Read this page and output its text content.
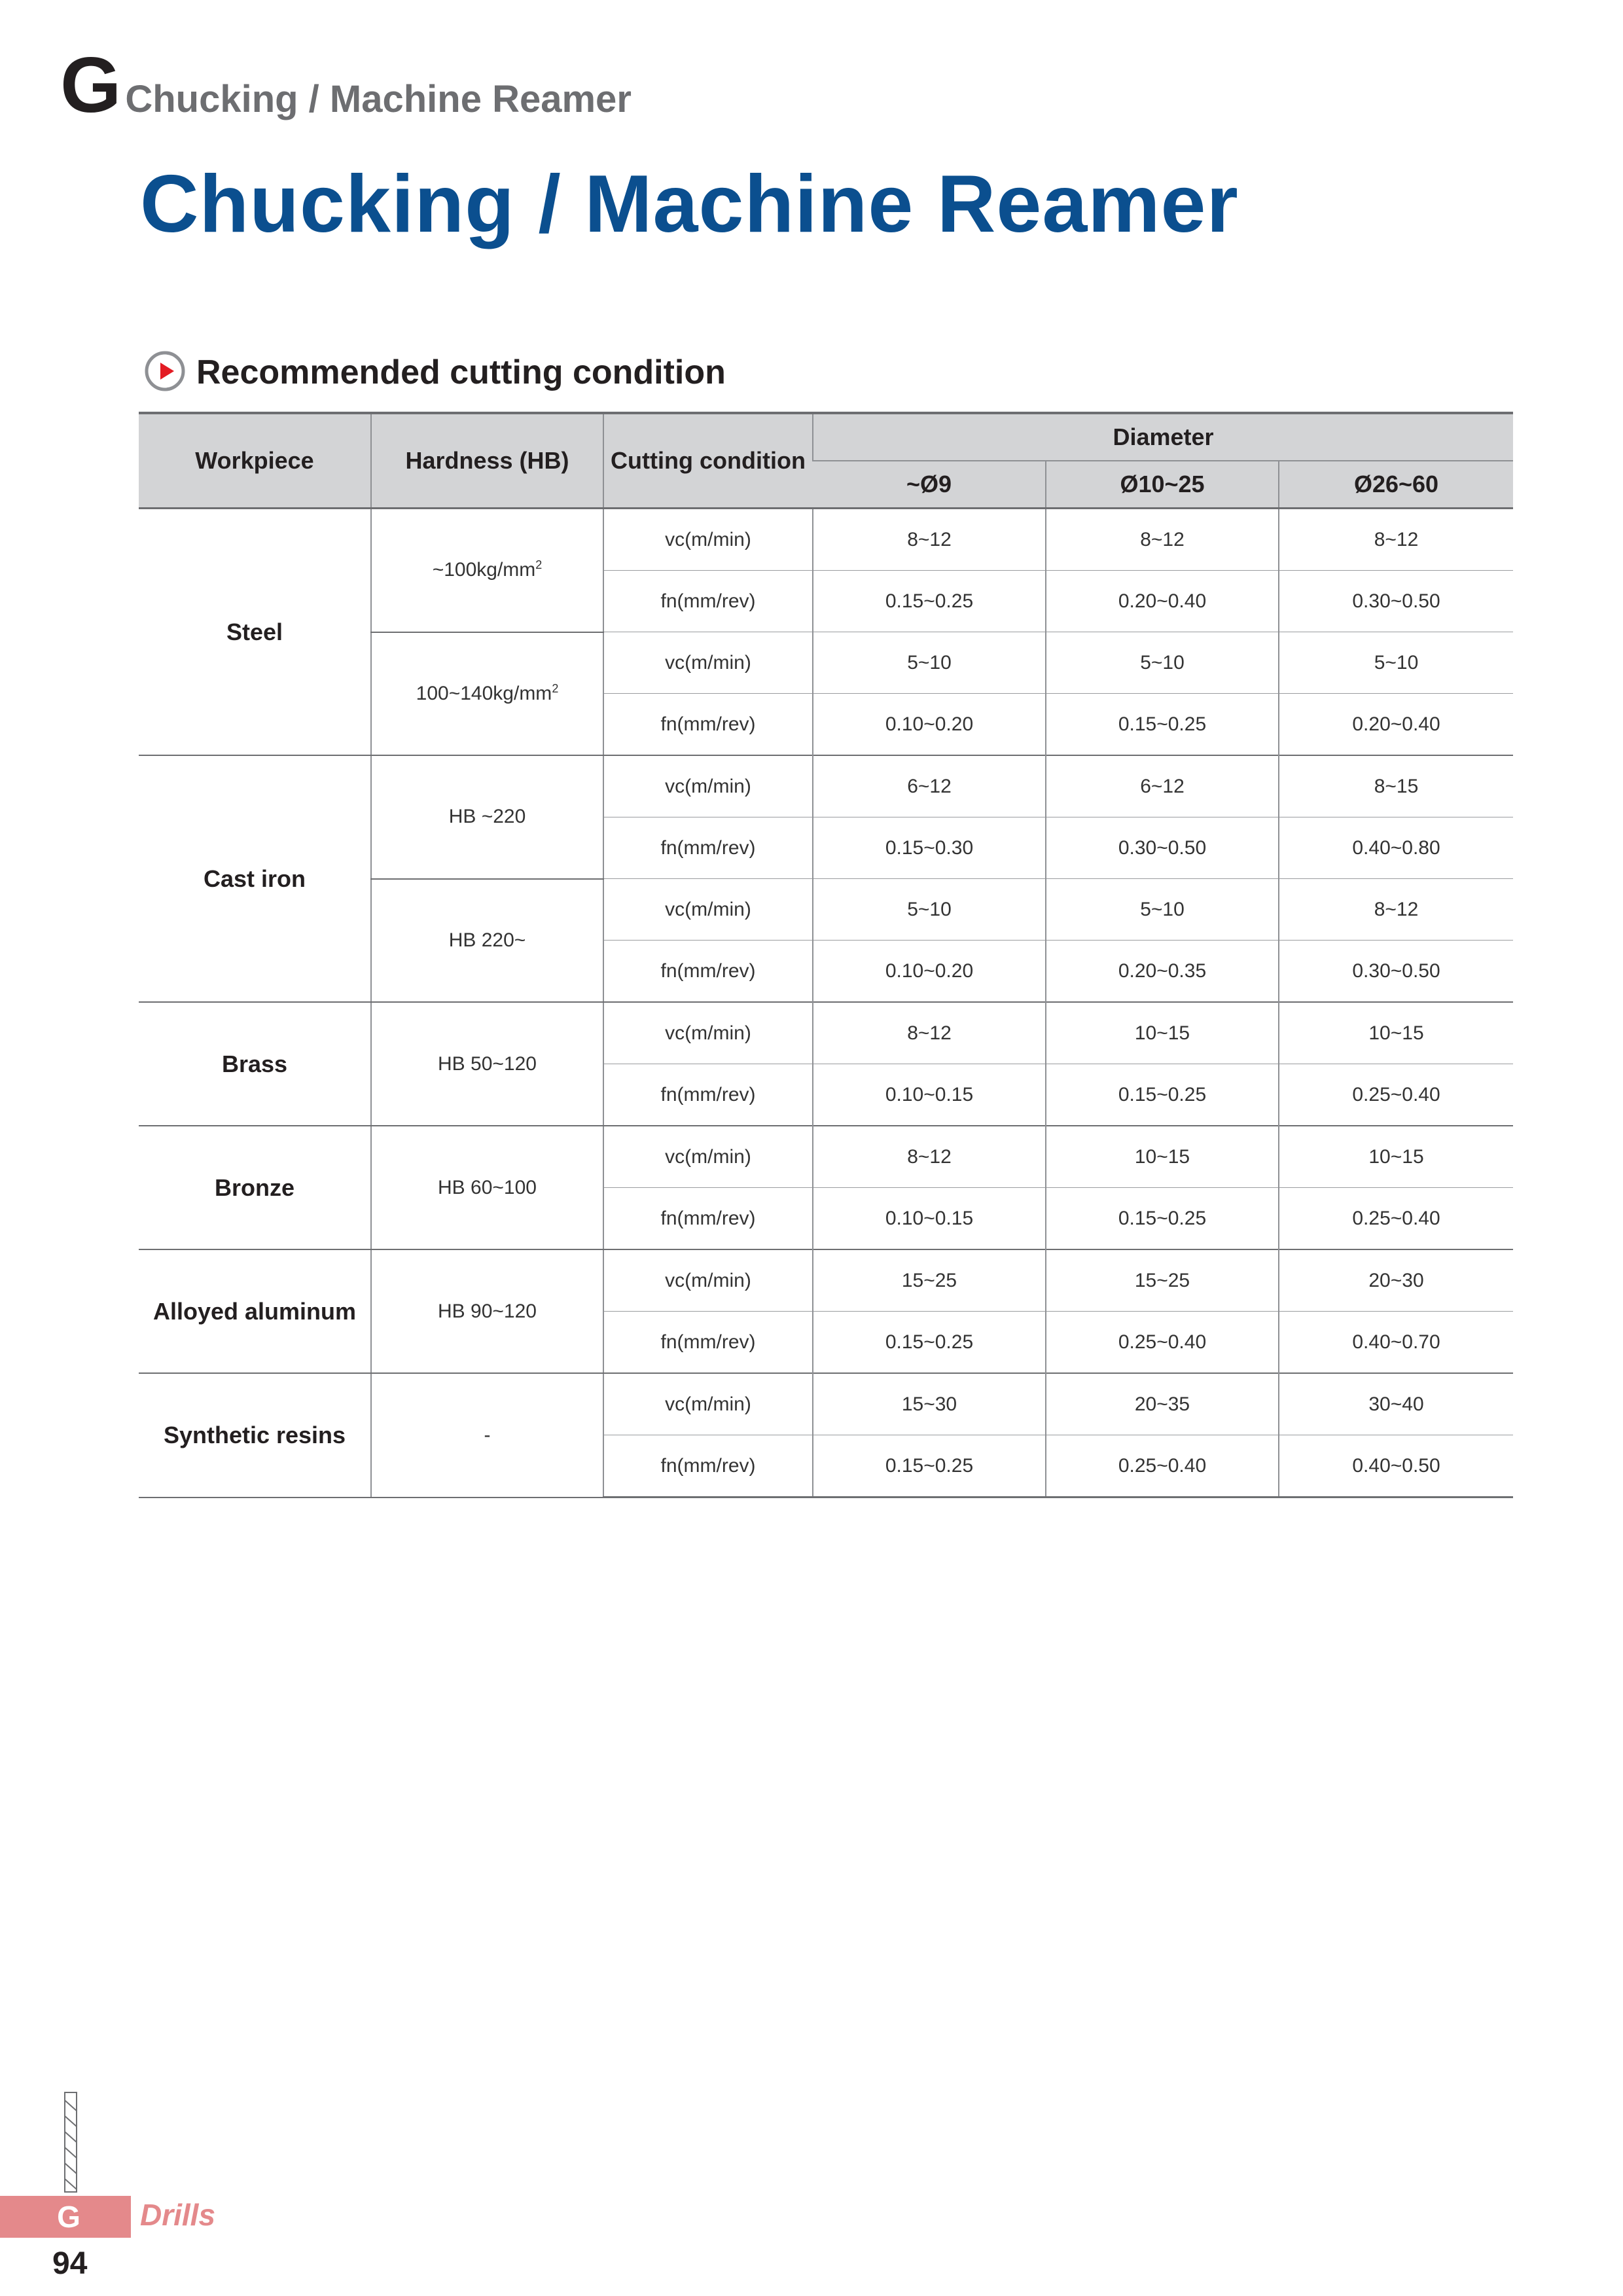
G Chucking / Machine Reamer
Chucking / Machine Reamer
Recommended cutting condition
Workpiece	Hardness (HB)	Cutting condition	Diameter		
			~Ø9	Ø10~25	Ø26~60
Steel	$\sim 100kg/mm^2$	vc(m/min)	8~12	8~12	8~12
		fn(mm/rev)	0.15~0.25	0.20~0.40	0.30~0.50
	$100\sim 140kg/mm^2$	vc(m/min)	5~10	5~10	5~10
		fn(mm/rev)	0.10~0.20	0.15~0.25	0.20~0.40
Cast iron	HB ~220	vc(m/min)	6~12	6~12	8~15
		fn(mm/rev)	0.15~0.30	0.30~0.50	0.40~0.80
	HB 220~	vc(m/min)	5~10	5~10	8~12
		fn(mm/rev)	0.10~0.20	0.20~0.35	0.30~0.50
Brass	HB 50~120	vc(m/min)	8~12	10~15	10~15
		fn(mm/rev)	0.10~0.15	0.15~0.25	0.25~0.40
Bronze	HB 60~100	vc(m/min)	8~12	10~15	10~15
		fn(mm/rev)	0.10~0.15	0.15~0.25	0.25~0.40
Alloyed aluminum	HB 90~120	vc(m/min)	15~25	15~25	20~30
		fn(mm/rev)	0.15~0.25	0.25~0.40	0.40~0.70
Synthetic resins	-	vc(m/min)	15~30	20~35	30~40
		fn(mm/rev)	0.15~0.25	0.25~0.40	0.40~0.50
G	Drills
94
